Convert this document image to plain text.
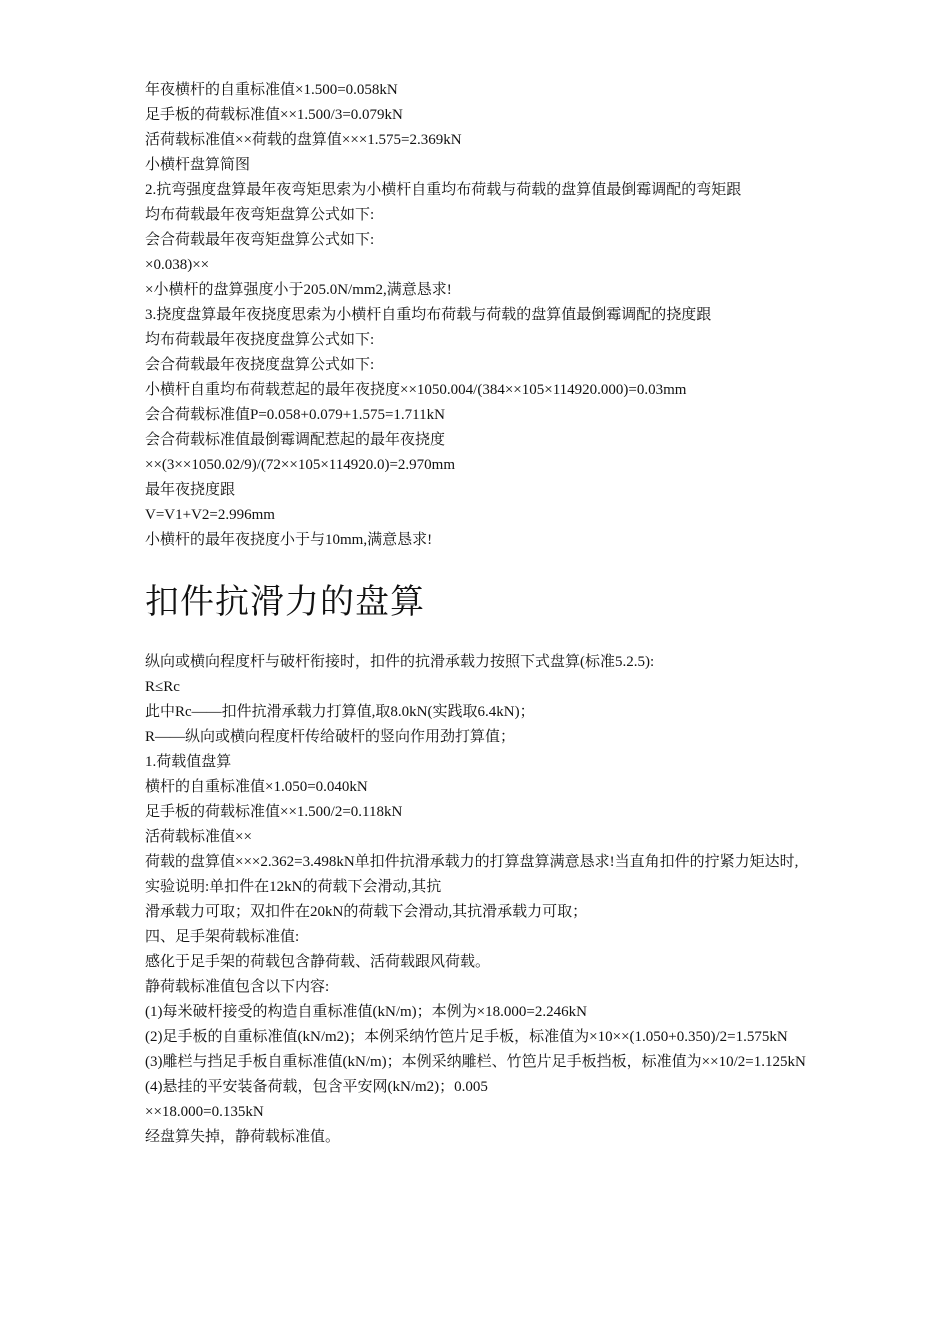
年夜横杆的自重标准值×1.500=0.058kN

足手板的荷载标准值××1.500/3=0.079kN

活荷载标准值××荷载的盘算值×××1.575=2.369kN

小横杆盘算简图

2.抗弯强度盘算最年夜弯矩思索为小横杆自重均布荷载与荷载的盘算值最倒霉调配的弯矩跟

均布荷载最年夜弯矩盘算公式如下:

会合荷载最年夜弯矩盘算公式如下:

×0.038)××

×小横杆的盘算强度小于205.0N/mm2,满意恳求!

3.挠度盘算最年夜挠度思索为小横杆自重均布荷载与荷载的盘算值最倒霉调配的挠度跟

均布荷载最年夜挠度盘算公式如下:

会合荷载最年夜挠度盘算公式如下:

小横杆自重均布荷载惹起的最年夜挠度××1050.004/(384××105×114920.000)=0.03mm

会合荷载标准值P=0.058+0.079+1.575=1.711kN

会合荷载标准值最倒霉调配惹起的最年夜挠度

××(3××1050.02/9)/(72××105×114920.0)=2.970mm

最年夜挠度跟

V=V1+V2=2.996mm

小横杆的最年夜挠度小于与10mm,满意恳求!

扣件抗滑力的盘算

纵向或横向程度杆与破杆衔接时，扣件的抗滑承载力按照下式盘算(标准5.2.5):

R≤Rc

此中Rc——扣件抗滑承载力打算值,取8.0kN(实践取6.4kN)；

R——纵向或横向程度杆传给破杆的竖向作用劲打算值；

1.荷载值盘算

横杆的自重标准值×1.050=0.040kN

足手板的荷载标准值××1.500/2=0.118kN

活荷载标准值××

荷载的盘算值×××2.362=3.498kN单扣件抗滑承载力的打算盘算满意恳求!当直角扣件的拧紧力矩达时,实验说明:单扣件在12kN的荷载下会滑动,其抗

滑承载力可取；双扣件在20kN的荷载下会滑动,其抗滑承载力可取；

四、足手架荷载标准值:

感化于足手架的荷载包含静荷载、活荷载跟风荷载。

静荷载标准值包含以下内容:

(1)每米破杆接受的构造自重标准值(kN/m)；本例为×18.000=2.246kN

(2)足手板的自重标准值(kN/m2)；本例采纳竹笆片足手板，标准值为×10××(1.050+0.350)/2=1.575kN

(3)雕栏与挡足手板自重标准值(kN/m)；本例采纳雕栏、竹笆片足手板挡板，标准值为××10/2=1.125kN

(4)悬挂的平安装备荷载，包含平安网(kN/m2)；0.005

××18.000=0.135kN

经盘算失掉，静荷载标准值。
